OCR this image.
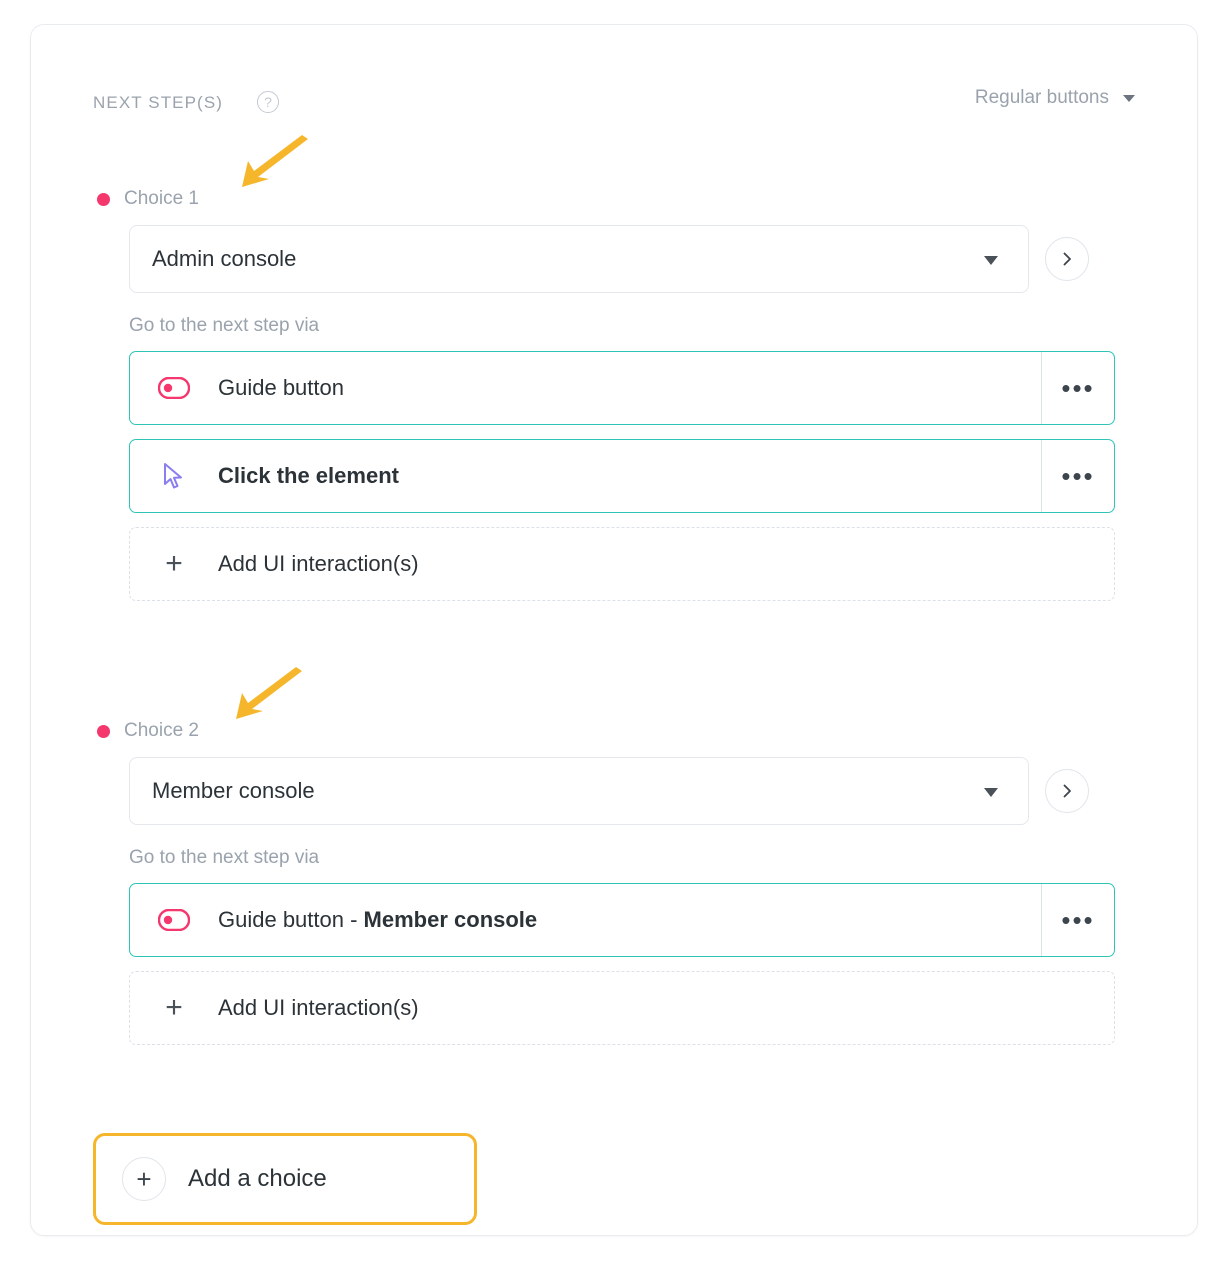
NEXT STEP(S)	?	Regular buttons
Choice 1
Admin console
Go to the next step via
Guide button	•••
Click the element	•••
+	Add UI interaction(s)
Choice 2
Member console
Go to the next step via
Guide button - Member console	•••
+	Add UI interaction(s)
+	Add a choice
